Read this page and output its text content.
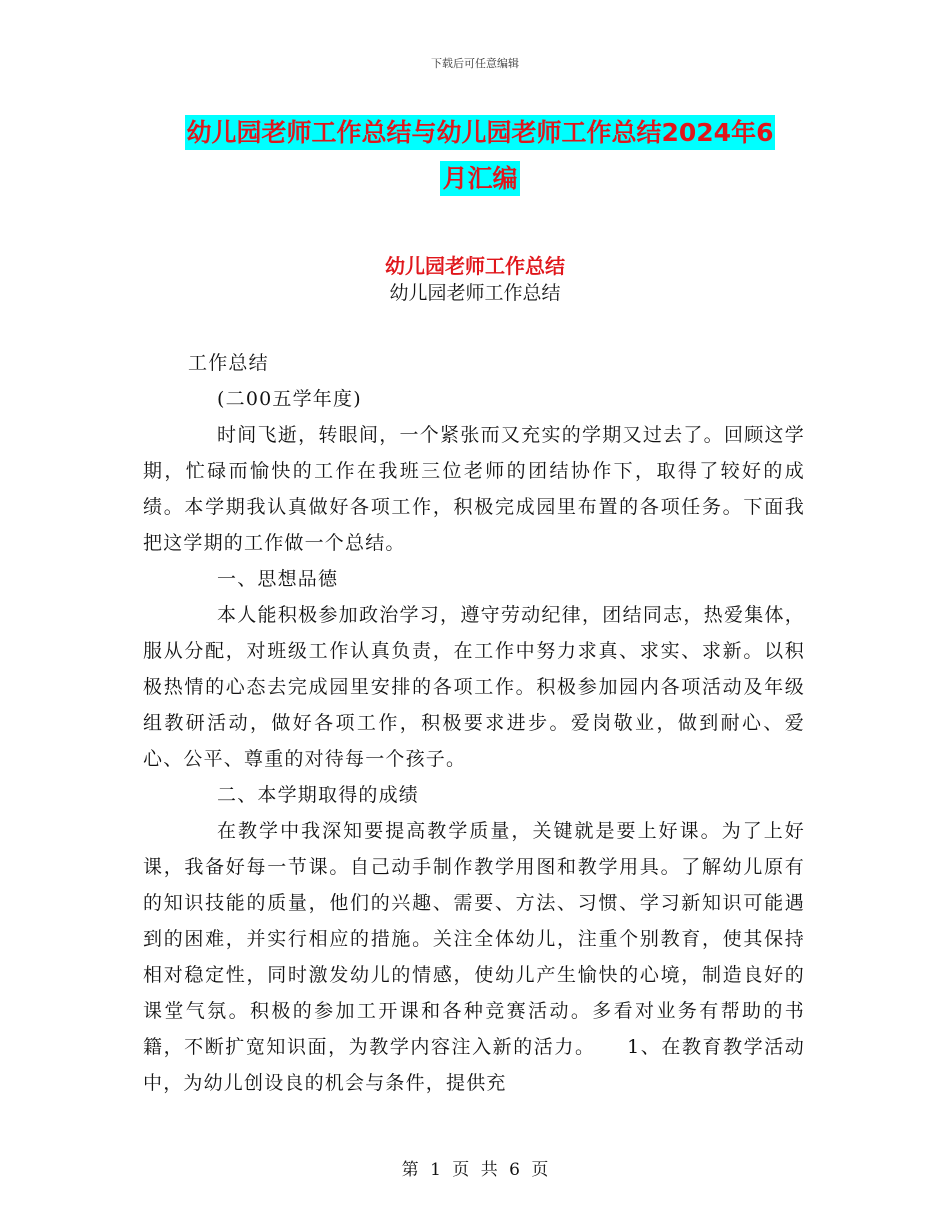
下载后可任意编辑
幼儿园老师工作总结与幼儿园老师工作总结2024年6
月汇编
幼儿园老师工作总结
幼儿园老师工作总结

工作总结

(二00五学年度)

时间飞逝，转眼间，一个紧张而又充实的学期又过去了。回顾这学期，忙碌而愉快的工作在我班三位老师的团结协作下，取得了较好的成绩。本学期我认真做好各项工作，积极完成园里布置的各项任务。下面我把这学期的工作做一个总结。

一、思想品德

本人能积极参加政治学习，遵守劳动纪律，团结同志，热爱集体，服从分配，对班级工作认真负责，在工作中努力求真、求实、求新。以积极热情的心态去完成园里安排的各项工作。积极参加园内各项活动及年级组教研活动，做好各项工作，积极要求进步。爱岗敬业，做到耐心、爱心、公平、尊重的对待每一个孩子。

二、本学期取得的成绩

在教学中我深知要提高教学质量，关键就是要上好课。为了上好课，我备好每一节课。自己动手制作教学用图和教学用具。了解幼儿原有的知识技能的质量，他们的兴趣、需要、方法、习惯、学习新知识可能遇到的困难，并实行相应的措施。关注全体幼儿，注重个别教育，使其保持相对稳定性，同时激发幼儿的情感，使幼儿产生愉快的心境，制造良好的课堂气氛。积极的参加工开课和各种竞赛活动。多看对业务有帮助的书籍，不断扩宽知识面，为教学内容注入新的活力。　　1、在教育教学活动中，为幼儿创设良的机会与条件，提供充

第 1 页 共 6 页
